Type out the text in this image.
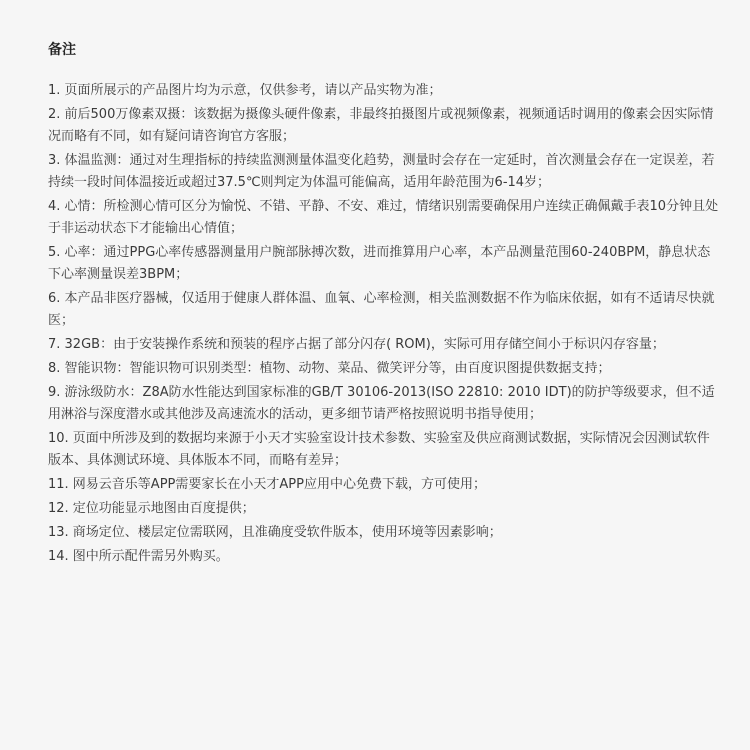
备注
1. 页面所展示的产品图片均为示意，仅供参考，请以产品实物为准；
2. 前后500万像素双摄：该数据为摄像头硬件像素，非最终拍摄图片或视频像素，视频通话时调用的像素会因实际情况而略有不同，如有疑问请咨询官方客服；
3. 体温监测：通过对生理指标的持续监测测量体温变化趋势，测量时会存在一定延时，首次测量会存在一定误差，若持续一段时间体温接近或超过37.5℃则判定为体温可能偏高，适用年龄范围为6-14岁；
4. 心情：所检测心情可区分为愉悦、不错、平静、不安、难过，情绪识别需要确保用户连续正确佩戴手表10分钟且处于非运动状态下才能输出心情值；
5. 心率：通过PPG心率传感器测量用户腕部脉搏次数，进而推算用户心率，本产品测量范围60-240BPM，静息状态下心率测量误差3BPM；
6. 本产品非医疗器械，仅适用于健康人群体温、血氧、心率检测，相关监测数据不作为临床依据，如有不适请尽快就医；
7. 32GB：由于安装操作系统和预装的程序占据了部分闪存( ROM)，实际可用存储空间小于标识闪存容量；
8. 智能识物：智能识物可识别类型：植物、动物、菜品、微笑评分等，由百度识图提供数据支持；
9. 游泳级防水：Z8A防水性能达到国家标准的GB/T 30106-2013(ISO 22810: 2010 IDT)的防护等级要求，但不适用淋浴与深度潜水或其他涉及高速流水的活动，更多细节请严格按照说明书指导使用；
10. 页面中所涉及到的数据均来源于小天才实验室设计技术参数、实验室及供应商测试数据，实际情况会因测试软件版本、具体测试环境、具体版本不同，而略有差异；
11. 网易云音乐等APP需要家长在小天才APP应用中心免费下载，方可使用；
12. 定位功能显示地图由百度提供；
13. 商场定位、楼层定位需联网，且准确度受软件版本，使用环境等因素影响；
14. 图中所示配件需另外购买。
